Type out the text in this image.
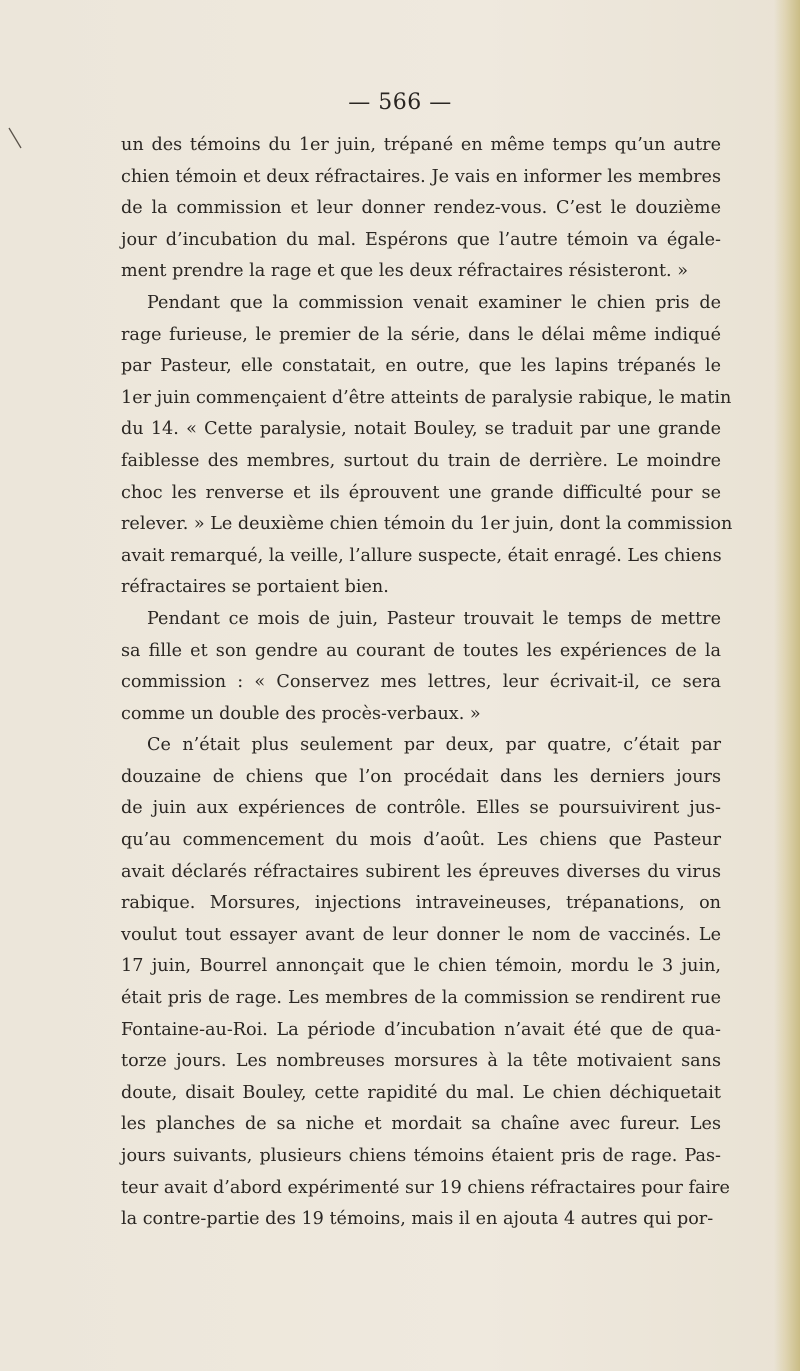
— 566 —
un des témoins du 1er juin, trépané en même temps qu’un autre
chien témoin et deux réfractaires. Je vais en informer les membres
de la commission et leur donner rendez-vous. C’est le douzième
jour d’incubation du mal. Espérons que l’autre témoin va égale-
ment prendre la rage et que les deux réfractaires résisteront. »
Pendant que la commission venait examiner le chien pris de
rage furieuse, le premier de la série, dans le délai même indiqué
par Pasteur, elle constatait, en outre, que les lapins trépanés le
1er juin commençaient d’être atteints de paralysie rabique, le matin
du 14. « Cette paralysie, notait Bouley, se traduit par une grande
faiblesse des membres, surtout du train de derrière. Le moindre
choc les renverse et ils éprouvent une grande difficulté pour se
relever. » Le deuxième chien témoin du 1er juin, dont la commission
avait remarqué, la veille, l’allure suspecte, était enragé. Les chiens
réfractaires se portaient bien.
Pendant ce mois de juin, Pasteur trouvait le temps de mettre
sa fille et son gendre au courant de toutes les expériences de la
commission : « Conservez mes lettres, leur écrivait-il, ce sera
comme un double des procès-verbaux. »
Ce n’était plus seulement par deux, par quatre, c’était par
douzaine de chiens que l’on procédait dans les derniers jours
de juin aux expériences de contrôle. Elles se poursuivirent jus-
qu’au commencement du mois d’août. Les chiens que Pasteur
avait déclarés réfractaires subirent les épreuves diverses du virus
rabique. Morsures, injections intraveineuses, trépanations, on
voulut tout essayer avant de leur donner le nom de vaccinés. Le
17 juin, Bourrel annonçait que le chien témoin, mordu le 3 juin,
était pris de rage. Les membres de la commission se rendirent rue
Fontaine-au-Roi. La période d’incubation n’avait été que de qua-
torze jours. Les nombreuses morsures à la tête motivaient sans
doute, disait Bouley, cette rapidité du mal. Le chien déchiquetait
les planches de sa niche et mordait sa chaîne avec fureur. Les
jours suivants, plusieurs chiens témoins étaient pris de rage. Pas-
teur avait d’abord expérimenté sur 19 chiens réfractaires pour faire
la contre-partie des 19 témoins, mais il en ajouta 4 autres qui por-
